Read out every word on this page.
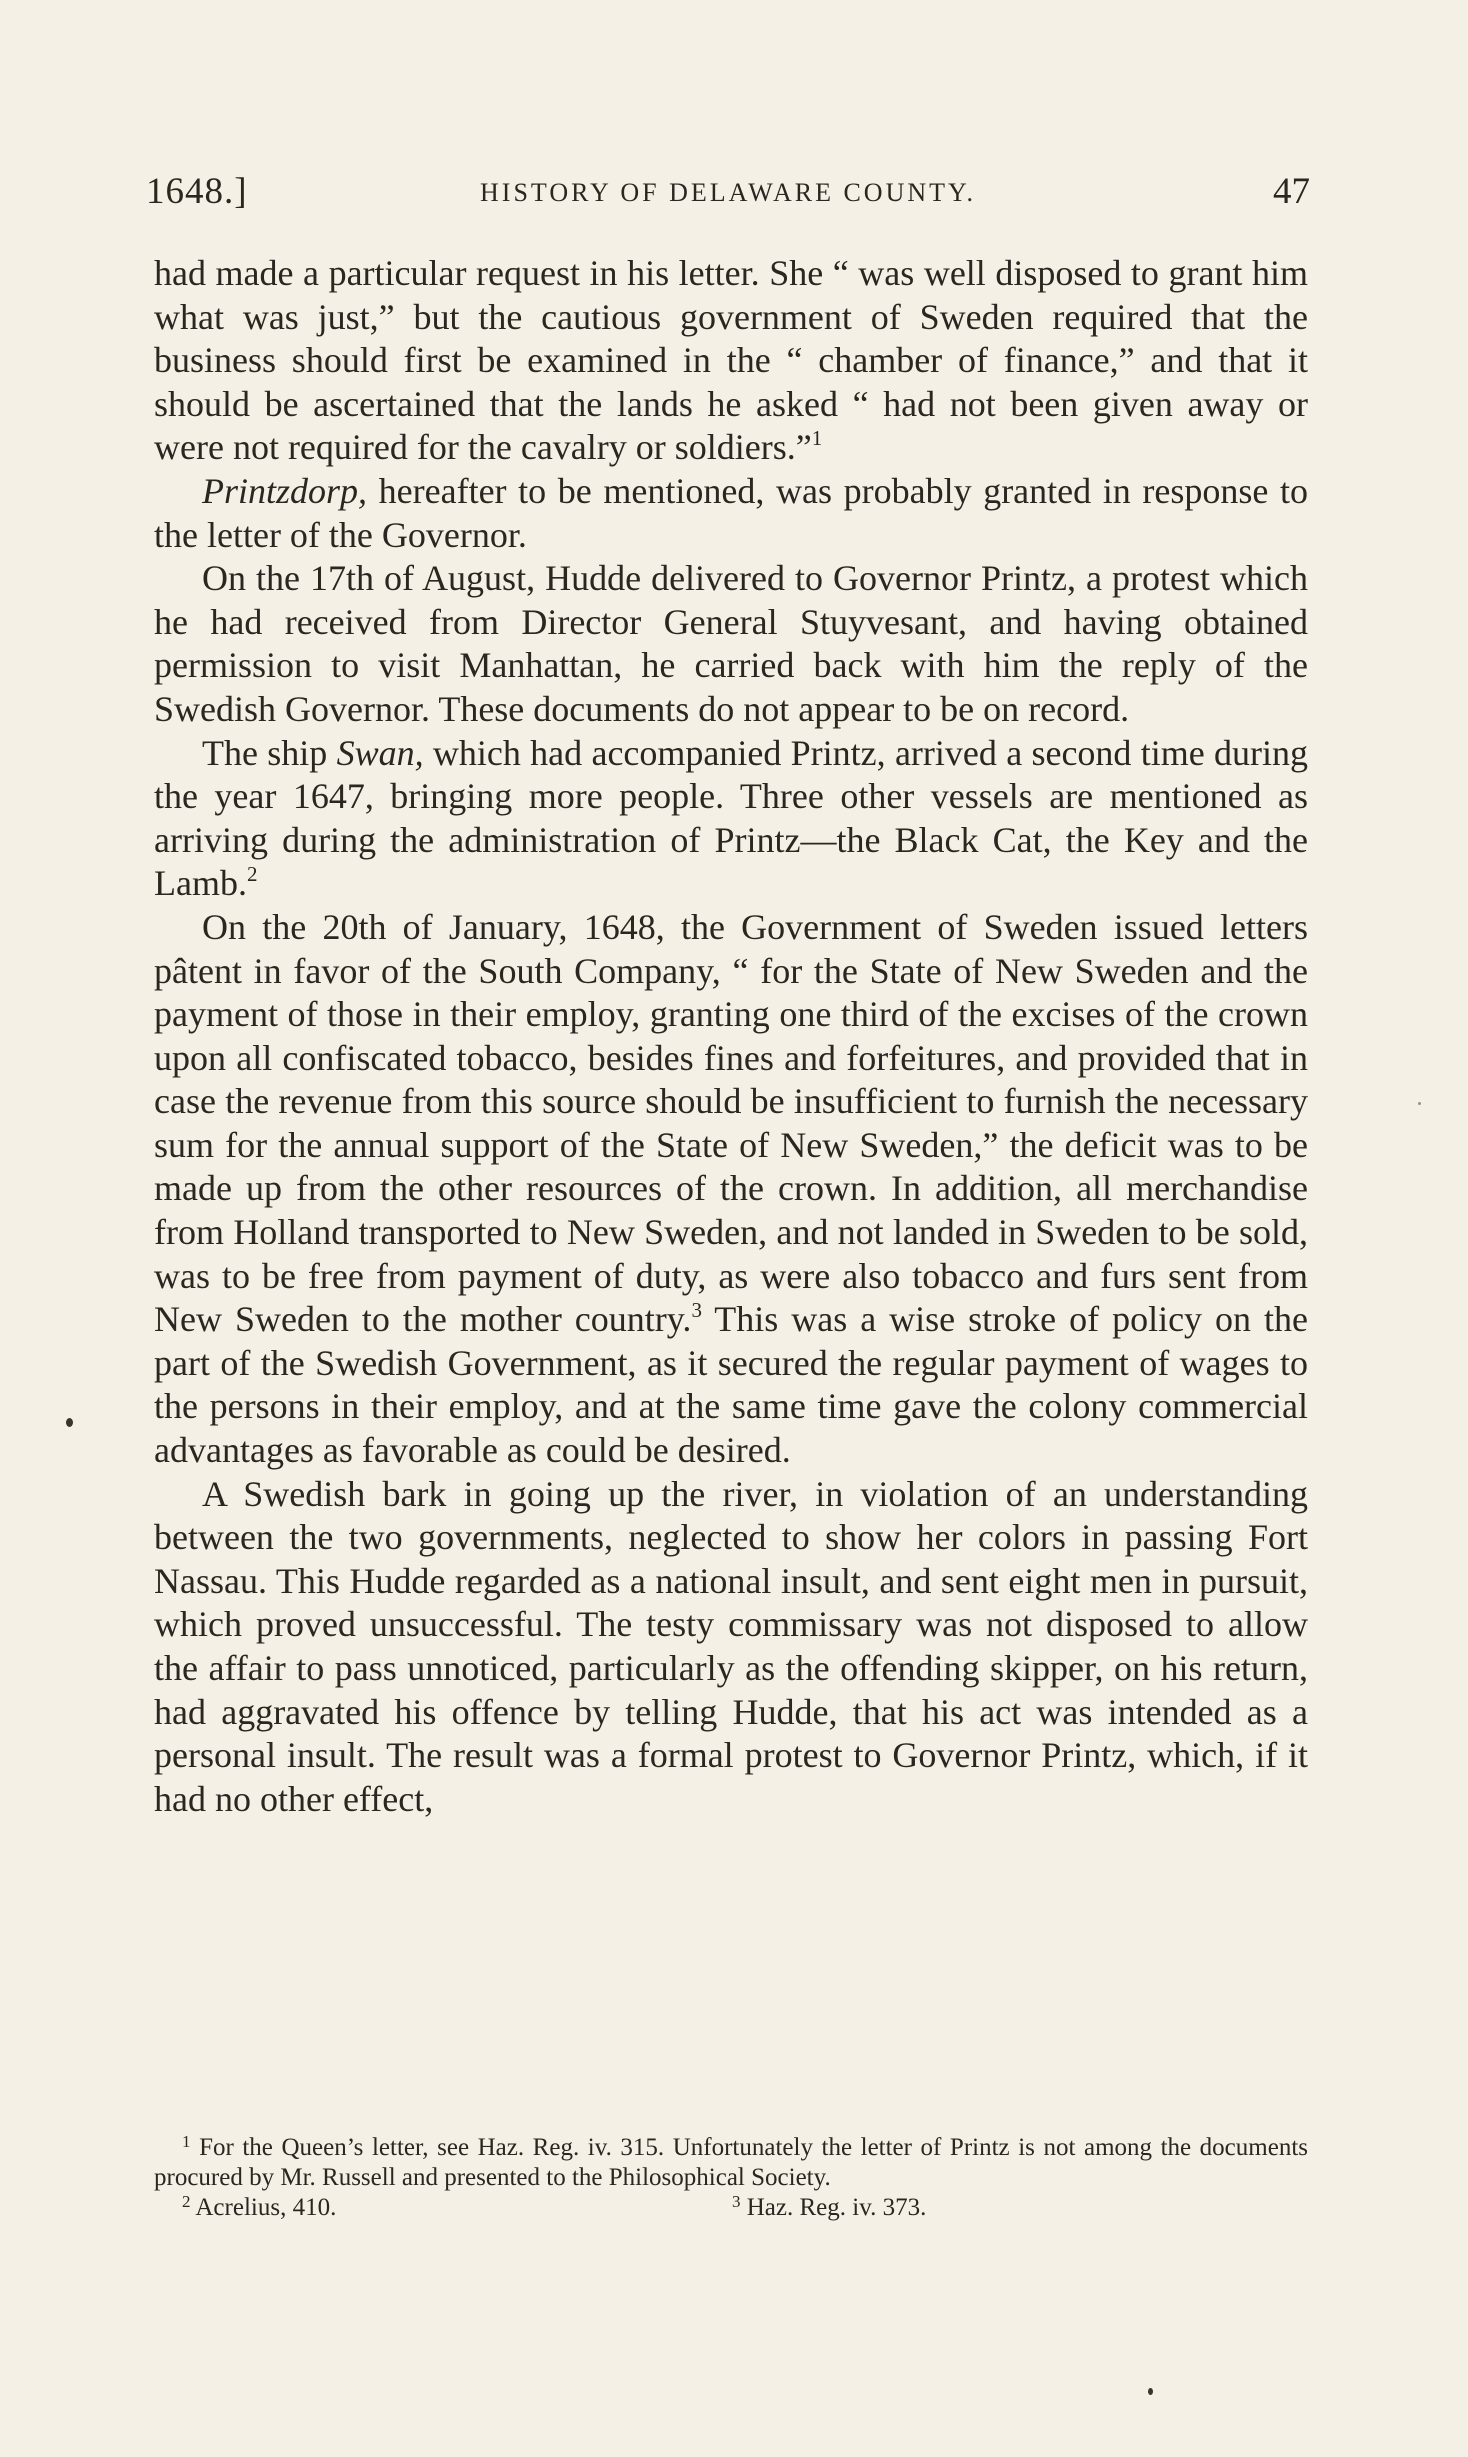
1648.]	HISTORY OF DELAWARE COUNTY.	47

had made a particular request in his letter. She “ was well disposed to grant him what was just,” but the cautious government of Sweden required that the business should first be examined in the “ chamber of finance,” and that it should be ascertained that the lands he asked “ had not been given away or were not required for the cavalry or soldiers.”$^1$

Printzdorp, hereafter to be mentioned, was probably granted in response to the letter of the Governor.

On the 17th of August, Hudde delivered to Governor Printz, a protest which he had received from Director General Stuyvesant, and having obtained permission to visit Manhattan, he carried back with him the reply of the Swedish Governor. These documents do not appear to be on record.

The ship Swan, which had accompanied Printz, arrived a second time during the year 1647, bringing more people. Three other vessels are mentioned as arriving during the administration of Printz—the Black Cat, the Key and the Lamb.$^2$

On the 20th of January, 1648, the Government of Sweden issued letters pâtent in favor of the South Company, “ for the State of New Sweden and the payment of those in their employ, granting one third of the excises of the crown upon all confiscated tobacco, besides fines and forfeitures, and provided that in case the revenue from this source should be insufficient to furnish the necessary sum for the annual support of the State of New Sweden,” the deficit was to be made up from the other resources of the crown. In addition, all merchandise from Holland transported to New Sweden, and not landed in Sweden to be sold, was to be free from payment of duty, as were also tobacco and furs sent from New Sweden to the mother country.$^3$ This was a wise stroke of policy on the part of the Swedish Government, as it secured the regular payment of wages to the persons in their employ, and at the same time gave the colony commercial advantages as favorable as could be desired.

A Swedish bark in going up the river, in violation of an understanding between the two governments, neglected to show her colors in passing Fort Nassau. This Hudde regarded as a national insult, and sent eight men in pursuit, which proved unsuccessful. The testy commissary was not disposed to allow the affair to pass unnoticed, particularly as the offending skipper, on his return, had aggravated his offence by telling Hudde, that his act was intended as a personal insult. The result was a formal protest to Governor Printz, which, if it had no other effect,

$^1$ For the Queen’s letter, see Haz. Reg. iv. 315. Unfortunately the letter of Printz is not among the documents procured by Mr. Russell and presented to the Philosophical Society.

$^2$ Acrelius, 410.	$^3$ Haz. Reg. iv. 373.
